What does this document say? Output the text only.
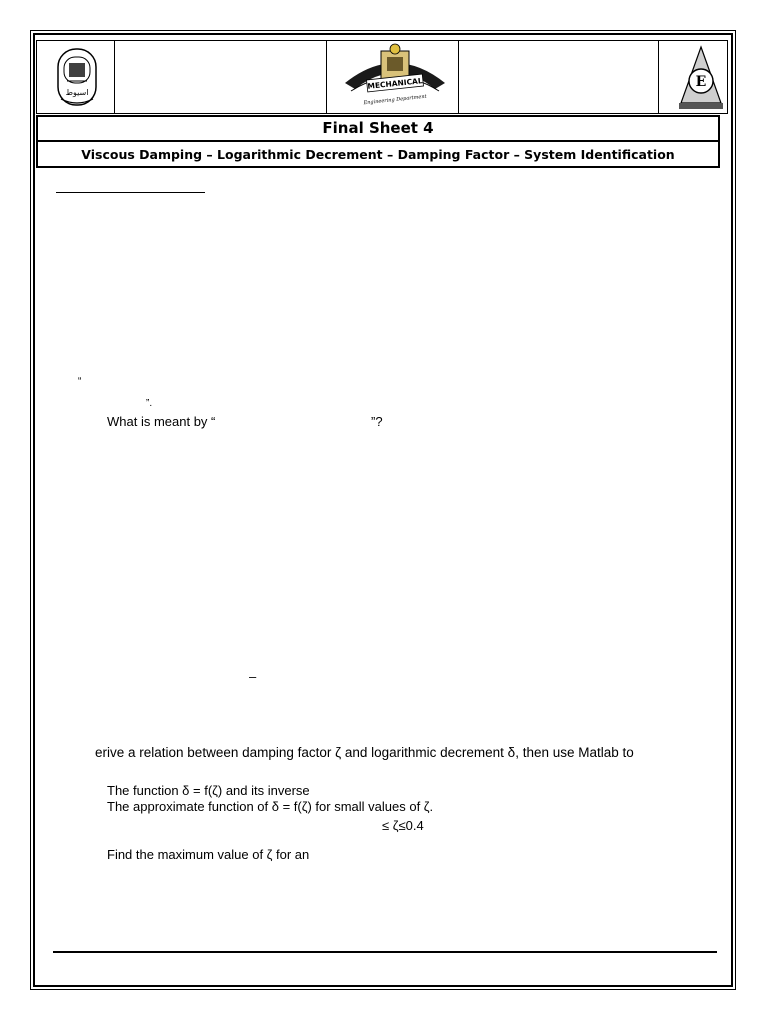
اسيوط
MECHANICAL
Engineering Department
E
Final Sheet 4
Viscous Damping – Logarithmic Decrement – Damping Factor – System Identification
“
”.
What is meant by “	”?
–
erive a relation between damping factor ζ and logarithmic decrement δ, then use Matlab to
The function δ = f(ζ) and its inverse
The approximate function of δ = f(ζ) for small values of ζ.
≤ ζ≤0.4
Find the maximum value of ζ for an
